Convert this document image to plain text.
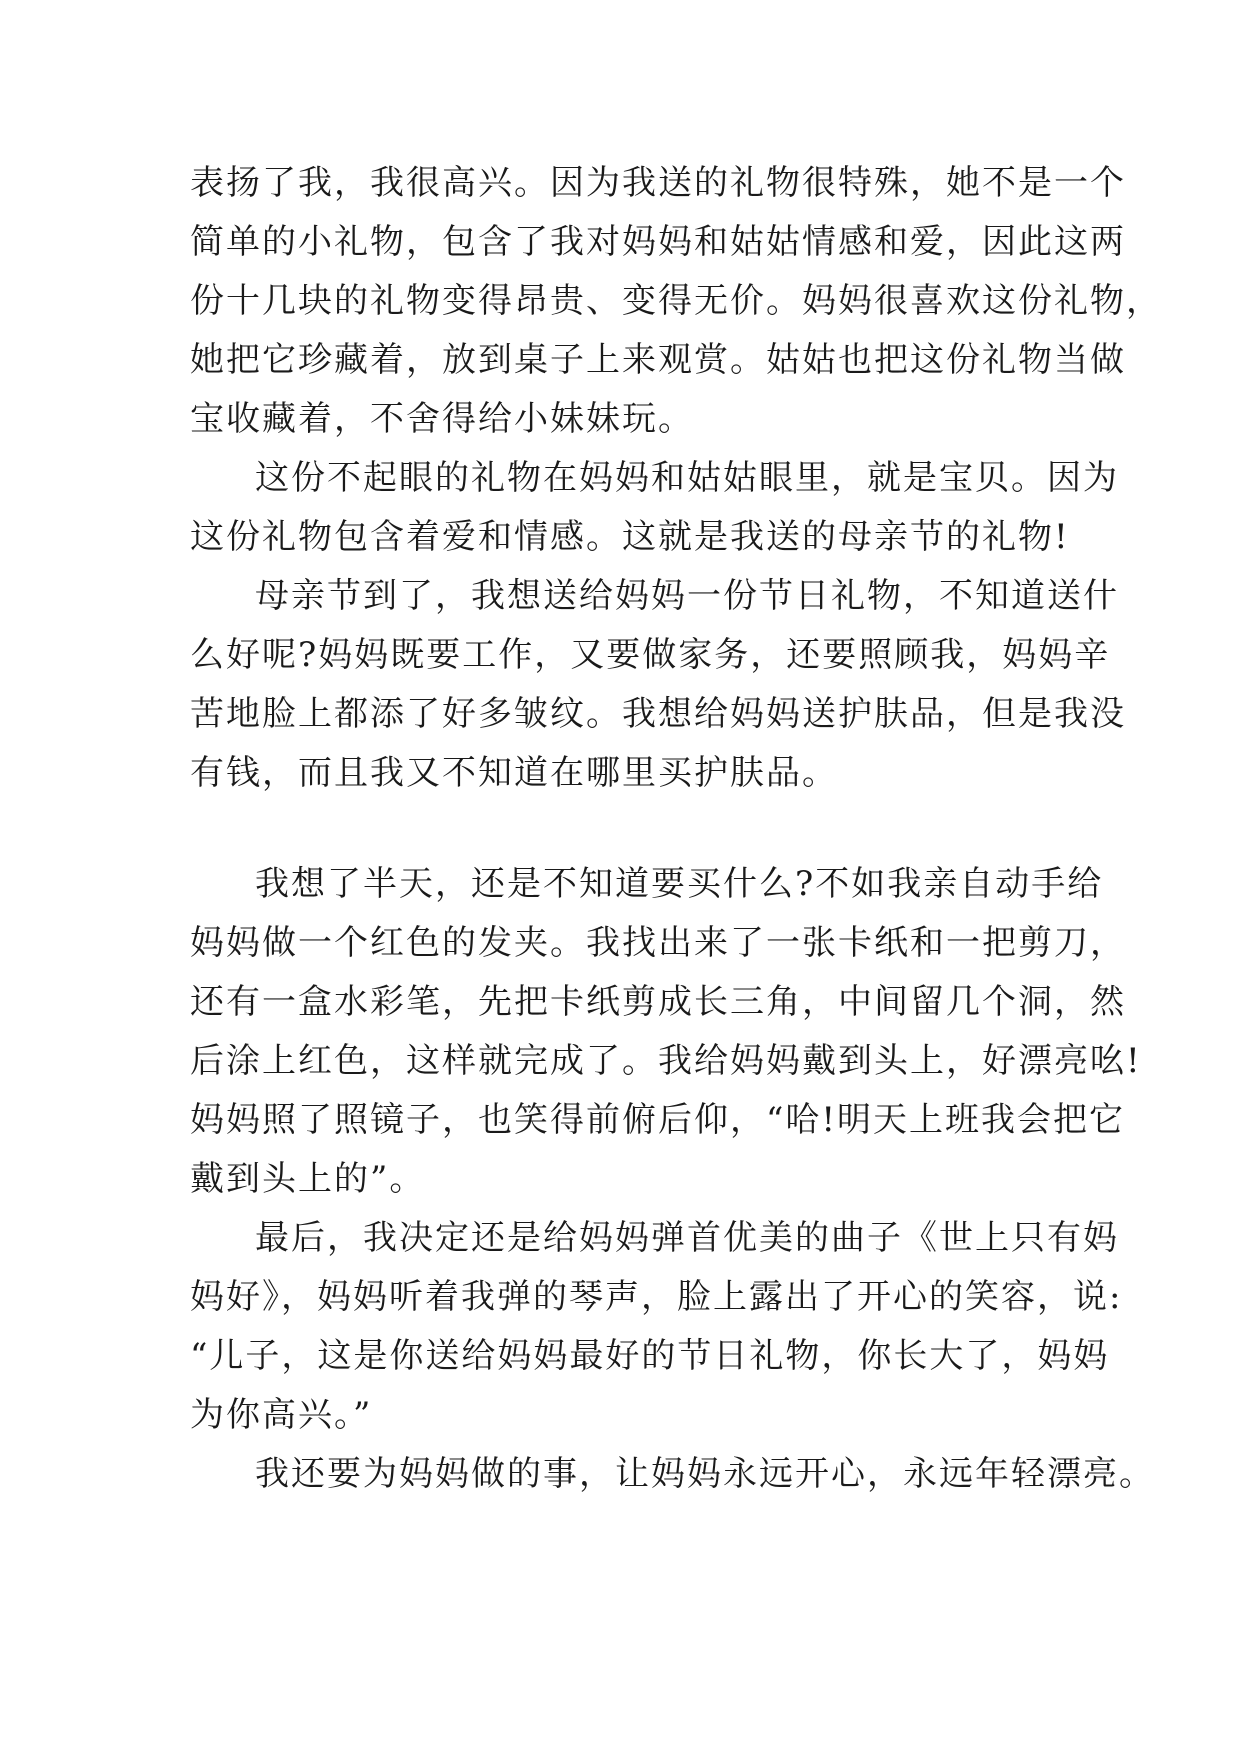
表扬了我，我很高兴。因为我送的礼物很特殊，她不是一个
简单的小礼物，包含了我对妈妈和姑姑情感和爱，因此这两
份十几块的礼物变得昂贵、变得无价。妈妈很喜欢这份礼物，
她把它珍藏着，放到桌子上来观赏。姑姑也把这份礼物当做
宝收藏着，不舍得给小妹妹玩。
这份不起眼的礼物在妈妈和姑姑眼里，就是宝贝。因为
这份礼物包含着爱和情感。这就是我送的母亲节的礼物!
母亲节到了，我想送给妈妈一份节日礼物，不知道送什
么好呢?妈妈既要工作，又要做家务，还要照顾我，妈妈辛
苦地脸上都添了好多皱纹。我想给妈妈送护肤品，但是我没
有钱，而且我又不知道在哪里买护肤品。
我想了半天，还是不知道要买什么?不如我亲自动手给
妈妈做一个红色的发夹。我找出来了一张卡纸和一把剪刀，
还有一盒水彩笔，先把卡纸剪成长三角，中间留几个洞，然
后涂上红色，这样就完成了。我给妈妈戴到头上，好漂亮吆!
妈妈照了照镜子，也笑得前俯后仰，“哈!明天上班我会把它
戴到头上的”。
最后，我决定还是给妈妈弹首优美的曲子《世上只有妈
妈好》，妈妈听着我弹的琴声，脸上露出了开心的笑容，说:
“儿子，这是你送给妈妈最好的节日礼物，你长大了，妈妈
为你高兴。”
我还要为妈妈做的事，让妈妈永远开心，永远年轻漂亮。
